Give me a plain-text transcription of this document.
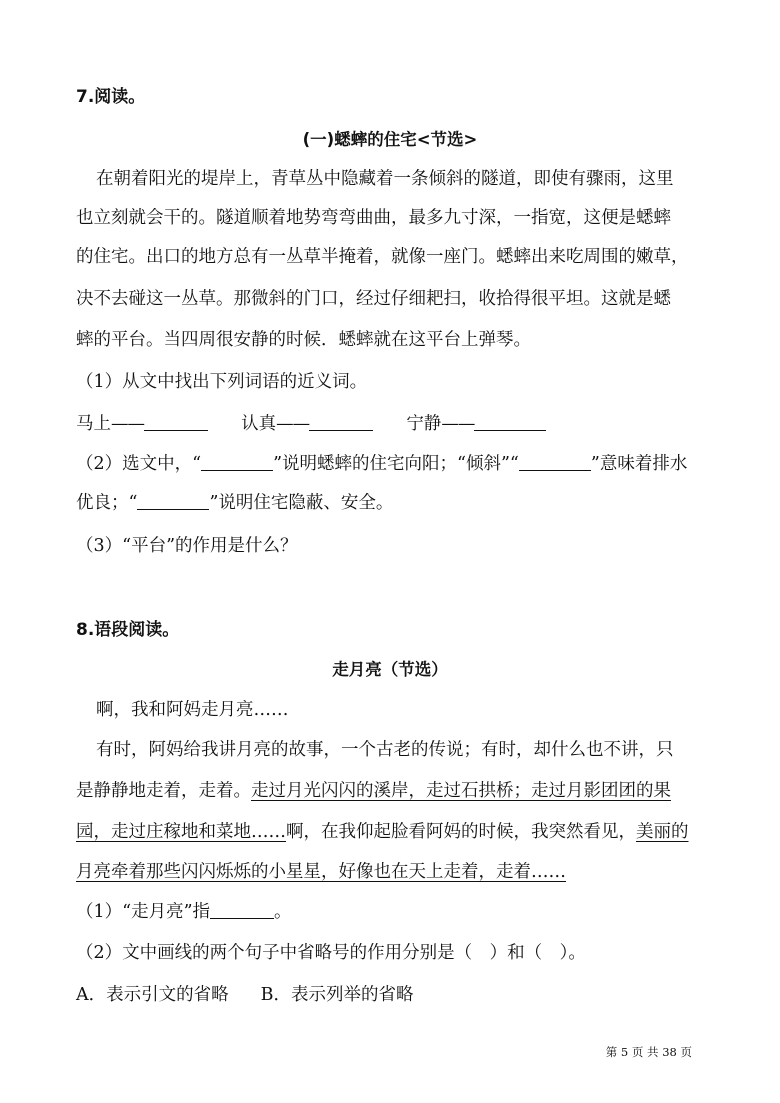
7.阅读。
(一)蟋蟀的住宅<节选>
在朝着阳光的堤岸上，青草丛中隐藏着一条倾斜的隧道，即使有骤雨，这里
也立刻就会干的。隧道顺着地势弯弯曲曲，最多九寸深，一指宽，这便是蟋蟀
的住宅。出口的地方总有一丛草半掩着，就像一座门。蟋蟀出来吃周围的嫩草，
决不去碰这一丛草。那微斜的门口，经过仔细耙扫，收拾得很平坦。这就是蟋
蟀的平台。当四周很安静的时候．蟋蟀就在这平台上弹琴。
（1）从文中找出下列词语的近义词。
马上——	认真——	宁静——
（2）选文中，“	”说明蟋蟀的住宅向阳；“倾斜”“	”意味着排水
优良；“	”说明住宅隐蔽、安全。
（3）“平台”的作用是什么？
8.语段阅读。
走月亮（节选）
啊，我和阿妈走月亮……
有时，阿妈给我讲月亮的故事，一个古老的传说；有时，却什么也不讲，只
是静静地走着，走着。走过月光闪闪的溪岸，走过石拱桥；走过月影团团的果
园，走过庄稼地和菜地……啊，在我仰起脸看阿妈的时候，我突然看见，美丽的
月亮牵着那些闪闪烁烁的小星星，好像也在天上走着，走着……
（1）“走月亮”指	。
（2）文中画线的两个句子中省略号的作用分别是（　）和（　）。
A．表示引文的省略 B．表示列举的省略
第 5 页 共 38 页
